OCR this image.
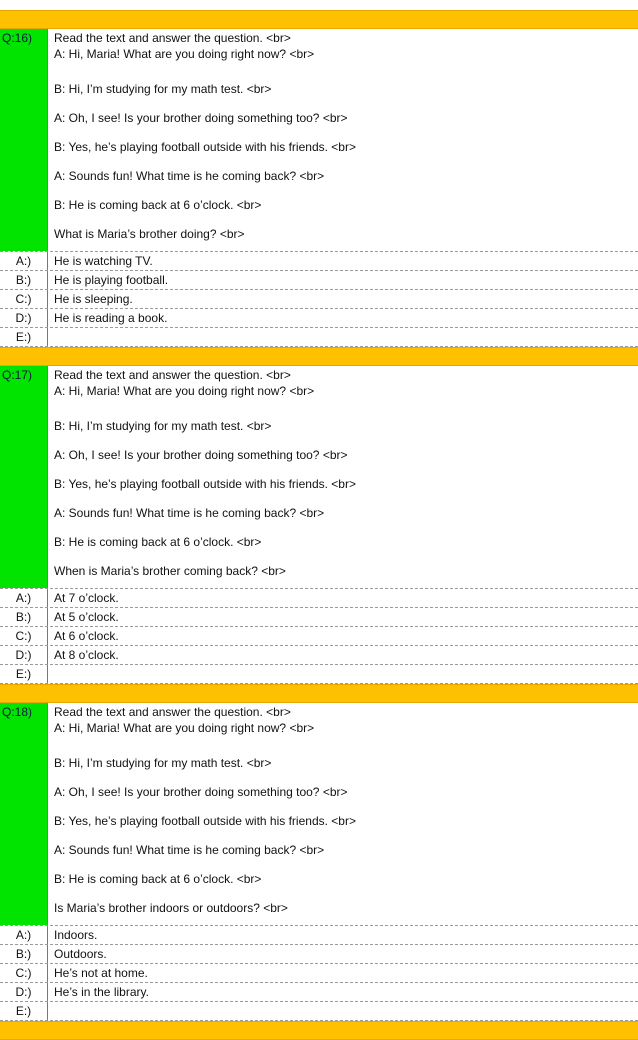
Q:16)	Read the text and answer the question. <br>
A: Hi, Maria! What are you doing right now? <br>
B: Hi, I’m studying for my math test. <br>
A: Oh, I see! Is your brother doing something too? <br>
B: Yes, he’s playing football outside with his friends. <br>
A: Sounds fun! What time is he coming back? <br>
B: He is coming back at 6 o’clock. <br>
What is Maria’s brother doing? <br>
A:)	He is watching TV.
B:)	He is playing football.
C:)	He is sleeping.
D:)	He is reading a book.
E:)
Q:17)	Read the text and answer the question. <br>
A: Hi, Maria! What are you doing right now? <br>
B: Hi, I’m studying for my math test. <br>
A: Oh, I see! Is your brother doing something too? <br>
B: Yes, he’s playing football outside with his friends. <br>
A: Sounds fun! What time is he coming back? <br>
B: He is coming back at 6 o’clock. <br>
When is Maria’s brother coming back? <br>
A:)	At 7 o’clock.
B:)	At 5 o’clock.
C:)	At 6 o’clock.
D:)	At 8 o’clock.
E:)
Q:18)	Read the text and answer the question. <br>
A: Hi, Maria! What are you doing right now? <br>
B: Hi, I’m studying for my math test. <br>
A: Oh, I see! Is your brother doing something too? <br>
B: Yes, he’s playing football outside with his friends. <br>
A: Sounds fun! What time is he coming back? <br>
B: He is coming back at 6 o’clock. <br>
Is Maria’s brother indoors or outdoors? <br>
A:)	Indoors.
B:)	Outdoors.
C:)	He’s not at home.
D:)	He’s in the library.
E:)
